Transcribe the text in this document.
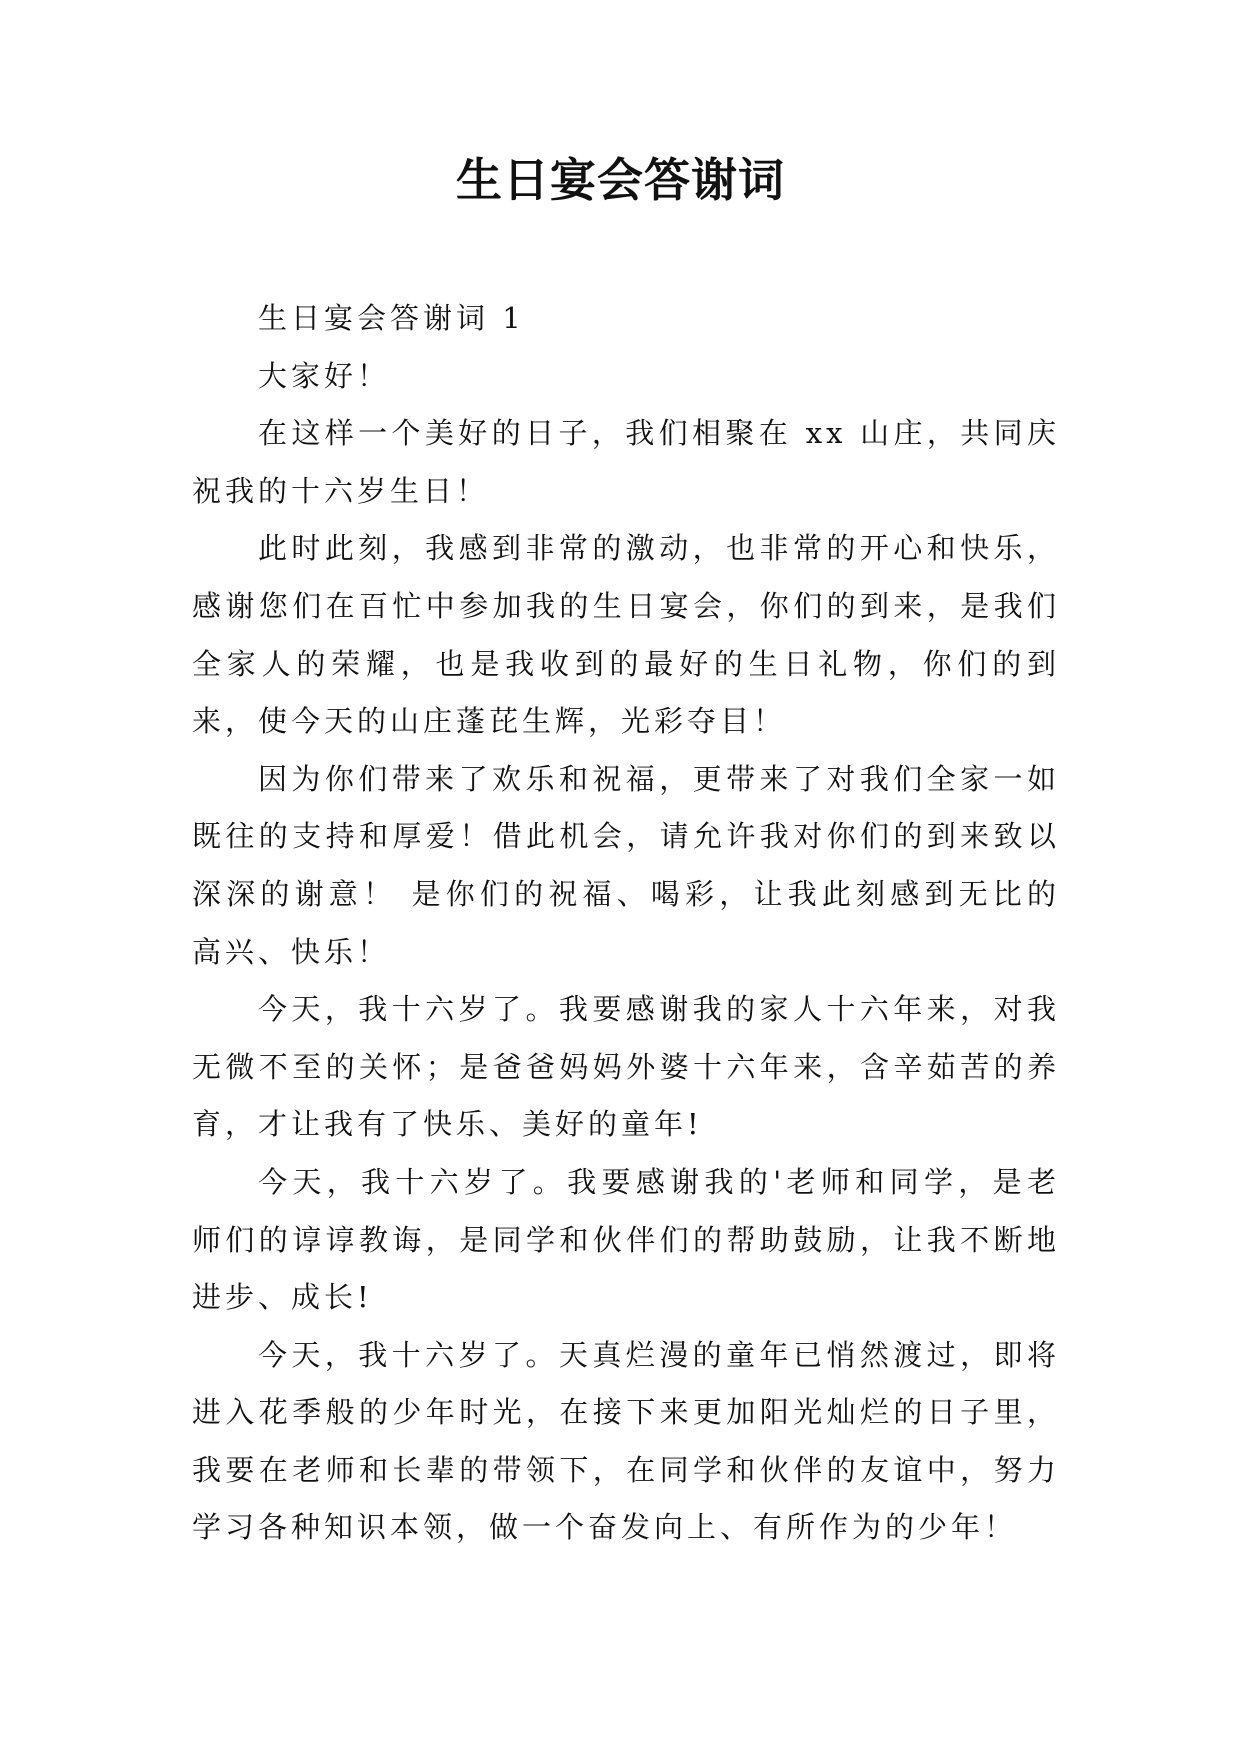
生日宴会答谢词

生日宴会答谢词 1

大家好！

在这样一个美好的日子，我们相聚在 xx 山庄，共同庆祝我的十六岁生日！

此时此刻，我感到非常的激动，也非常的开心和快乐，感谢您们在百忙中参加我的生日宴会，你们的到来，是我们全家人的荣耀，也是我收到的最好的生日礼物，你们的到来，使今天的山庄蓬芘生辉，光彩夺目！

因为你们带来了欢乐和祝福，更带来了对我们全家一如既往的支持和厚爱！借此机会，请允许我对你们的到来致以深深的谢意！ 是你们的祝福、喝彩，让我此刻感到无比的高兴、快乐！

今天，我十六岁了。我要感谢我的家人十六年来，对我无微不至的关怀；是爸爸妈妈外婆十六年来，含辛茹苦的养育，才让我有了快乐、美好的童年!

今天，我十六岁了。我要感谢我的'老师和同学，是老师们的谆谆教诲，是同学和伙伴们的帮助鼓励，让我不断地进步、成长!

今天，我十六岁了。天真烂漫的童年已悄然渡过，即将进入花季般的少年时光，在接下来更加阳光灿烂的日子里，我要在老师和长辈的带领下，在同学和伙伴的友谊中，努力学习各种知识本领，做一个奋发向上、有所作为的少年！
